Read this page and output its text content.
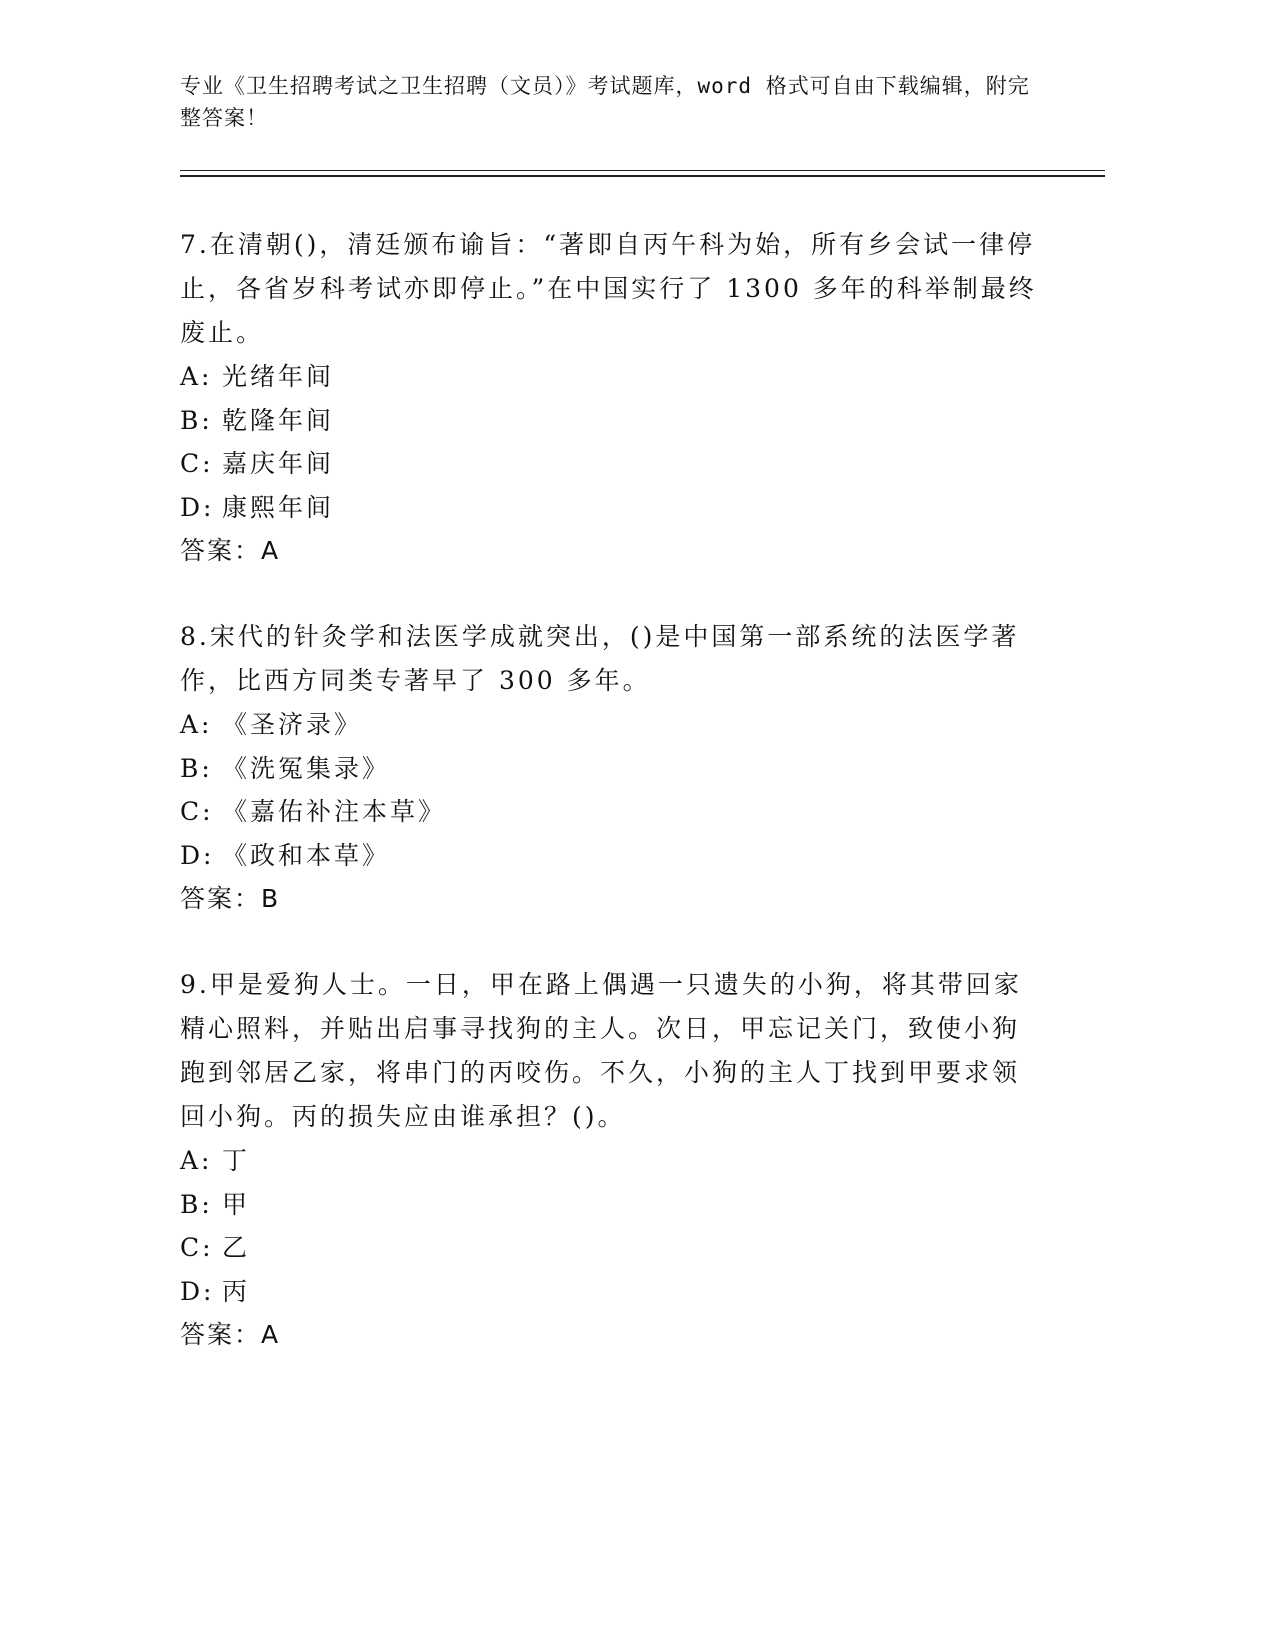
专业《卫生招聘考试之卫生招聘（文员）》考试题库，word 格式可自由下载编辑，附完整答案！

7.在清朝()，清廷颁布谕旨：“著即自丙午科为始，所有乡会试一律停止，各省岁科考试亦即停止。”在中国实行了 1300 多年的科举制最终废止。

A: 光绪年间

B: 乾隆年间

C: 嘉庆年间

D: 康熙年间

答案：A

8.宋代的针灸学和法医学成就突出，()是中国第一部系统的法医学著作，比西方同类专著早了 300 多年。

A: 《圣济录》

B: 《洗冤集录》

C: 《嘉佑补注本草》

D: 《政和本草》

答案：B

9.甲是爱狗人士。一日，甲在路上偶遇一只遗失的小狗，将其带回家精心照料，并贴出启事寻找狗的主人。次日，甲忘记关门，致使小狗跑到邻居乙家，将串门的丙咬伤。不久，小狗的主人丁找到甲要求领回小狗。丙的损失应由谁承担？()。

A: 丁

B: 甲

C: 乙

D: 丙

答案：A
